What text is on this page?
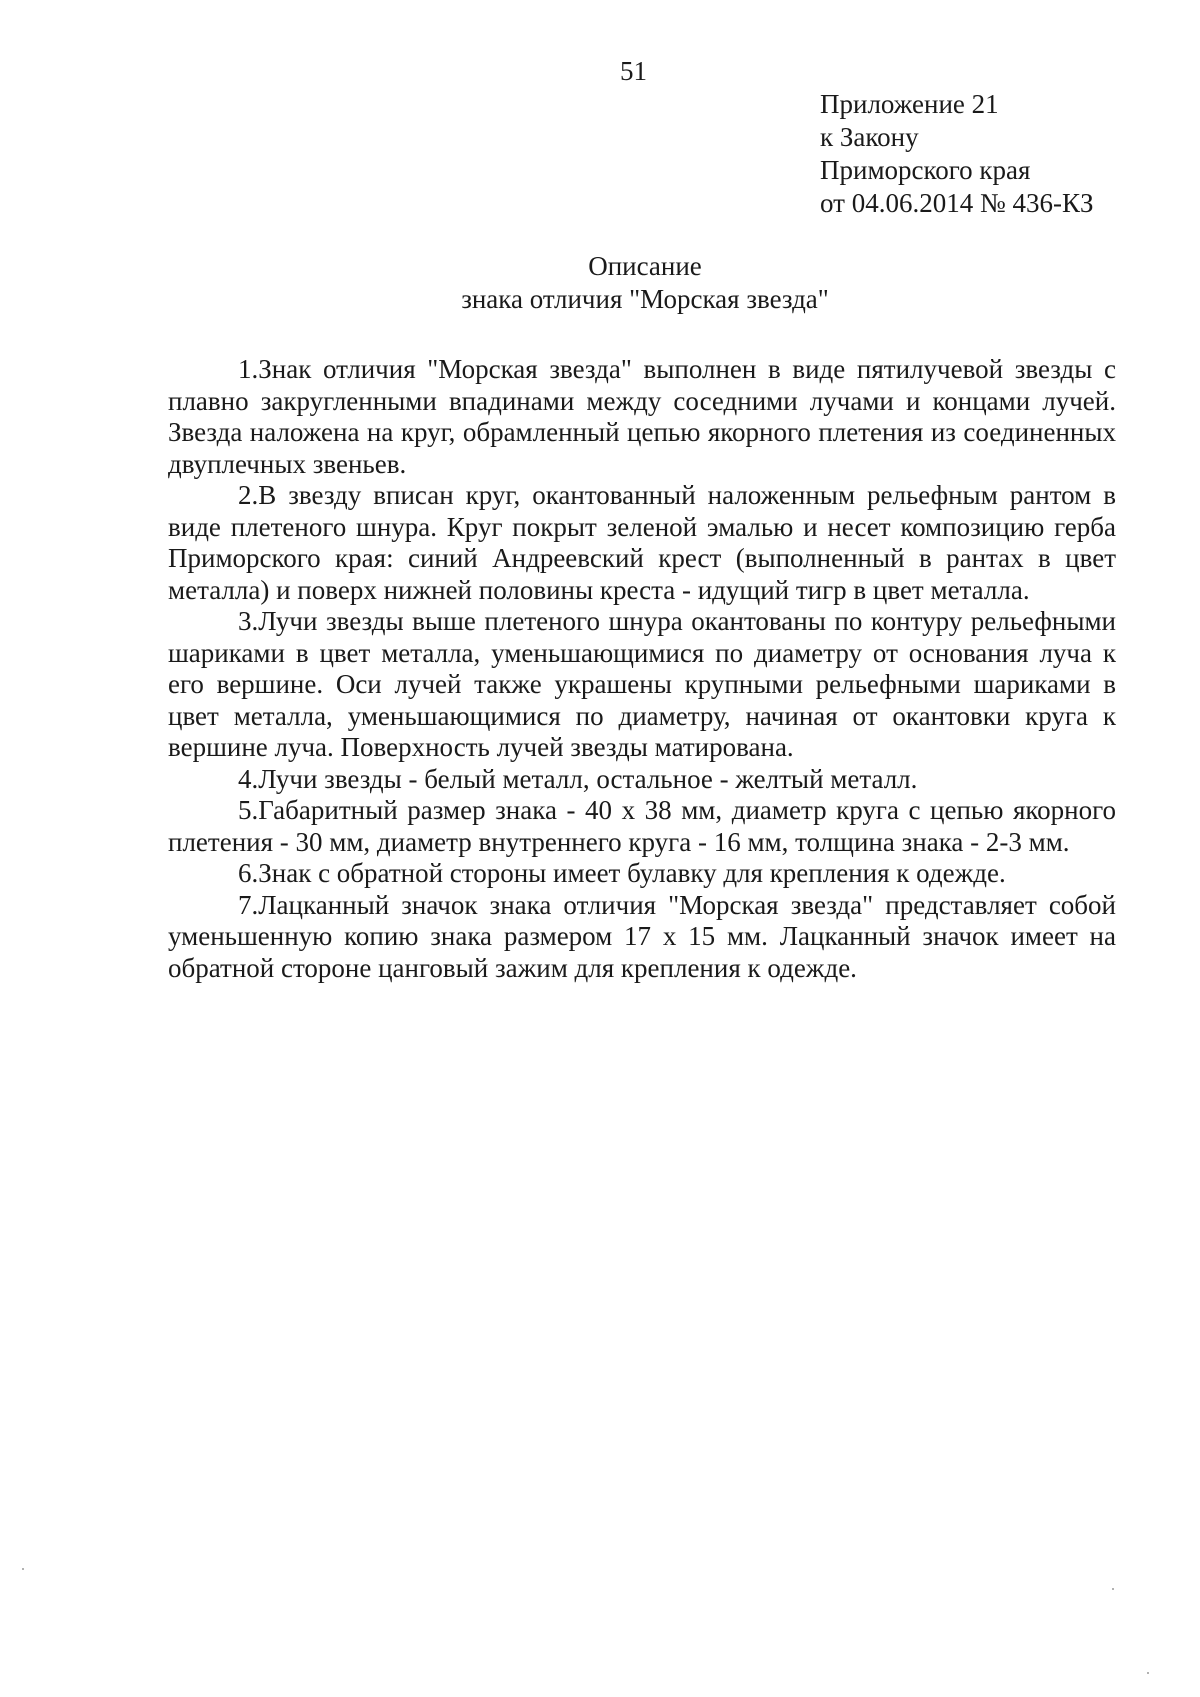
51
Приложение 21
к Закону
Приморского края
от 04.06.2014 № 436-КЗ
Описание
знака отличия "Морская звезда"

1.Знак отличия "Морская звезда" выполнен в виде пятилучевой звезды с плавно закругленными впадинами между соседними лучами и концами лучей. Звезда наложена на круг, обрамленный цепью якорного плетения из соединенных двуплечных звеньев.

2.В звезду вписан круг, окантованный наложенным рельефным рантом в виде плетеного шнура. Круг покрыт зеленой эмалью и несет композицию герба Приморского края: синий Андреевский крест (выполненный в рантах в цвет металла) и поверх нижней половины креста - идущий тигр в цвет металла.

3.Лучи звезды выше плетеного шнура окантованы по контуру рельефными шариками в цвет металла, уменьшающимися по диаметру от основания луча к его вершине. Оси лучей также украшены крупными рельефными шариками в цвет металла, уменьшающимися по диаметру, начиная от окантовки круга к вершине луча. Поверхность лучей звезды матирована.

4.Лучи звезды - белый металл, остальное - желтый металл.

5.Габаритный размер знака - 40 х 38 мм, диаметр круга с цепью якорного плетения - 30 мм, диаметр внутреннего круга - 16 мм, толщина знака - 2-3 мм.

6.Знак с обратной стороны имеет булавку для крепления к одежде.

7.Лацканный значок знака отличия "Морская звезда" представляет собой уменьшенную копию знака размером 17 х 15 мм. Лацканный значок имеет на обратной стороне цанговый зажим для крепления к одежде.
